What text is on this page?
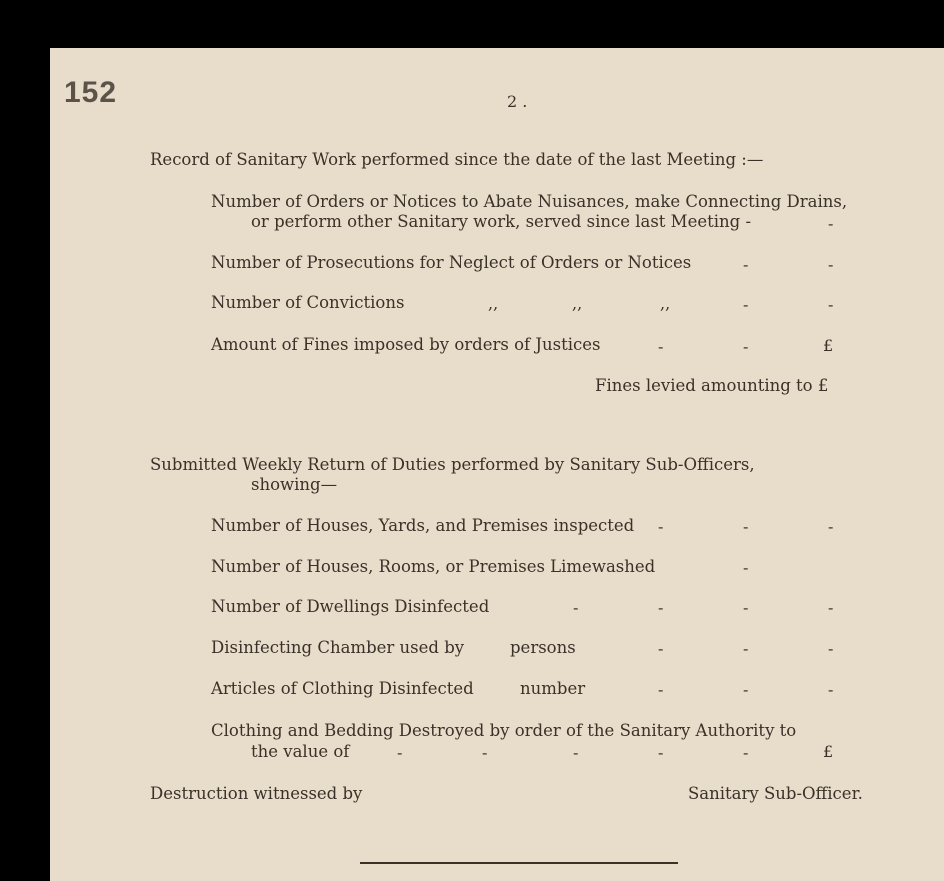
152	2 .
Record of Sanitary Work performed since the date of the last Meeting :—
Number of Orders or Notices to Abate Nuisances, make Connecting Drains,
or perform other Sanitary work, served since last Meeting -	-
Number of Prosecutions for Neglect of Orders or Notices	-	-
Number of Convictions	,,	,,	,,	-	-
Amount of Fines imposed by orders of Justices	-	-	£
Fines levied amounting to £
Submitted Weekly Return of Duties performed by Sanitary Sub-Officers,
showing—
Number of Houses, Yards, and Premises inspected -	-	-
Number of Houses, Rooms, or Premises Limewashed	-
Number of Dwellings Disinfected	-	-	-	-
Disinfecting Chamber used by	persons	-	-	-
Articles of Clothing Disinfected	number	-	-	-
Clothing and Bedding Destroyed by order of the Sanitary Authority to
the value of	-	-	-	-	-	£
Destruction witnessed by	Sanitary Sub-Officer.
